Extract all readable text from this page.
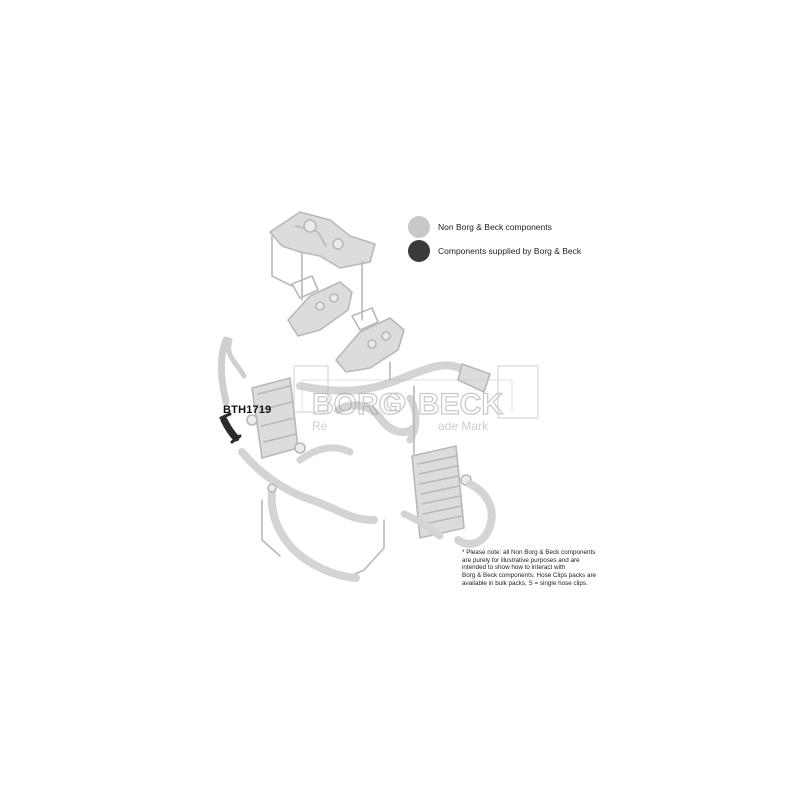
BORG BECK
Re	ade Mark
Non Borg & Beck components
Components supplied by Borg & Beck
BTH1719

* Please note: all Non Borg & Beck components

are purely for illustrative purposes and are

intended to show how to interact with

Borg & Beck components. Hose Clips packs are

available in bulk packs, S = single hose clips.
